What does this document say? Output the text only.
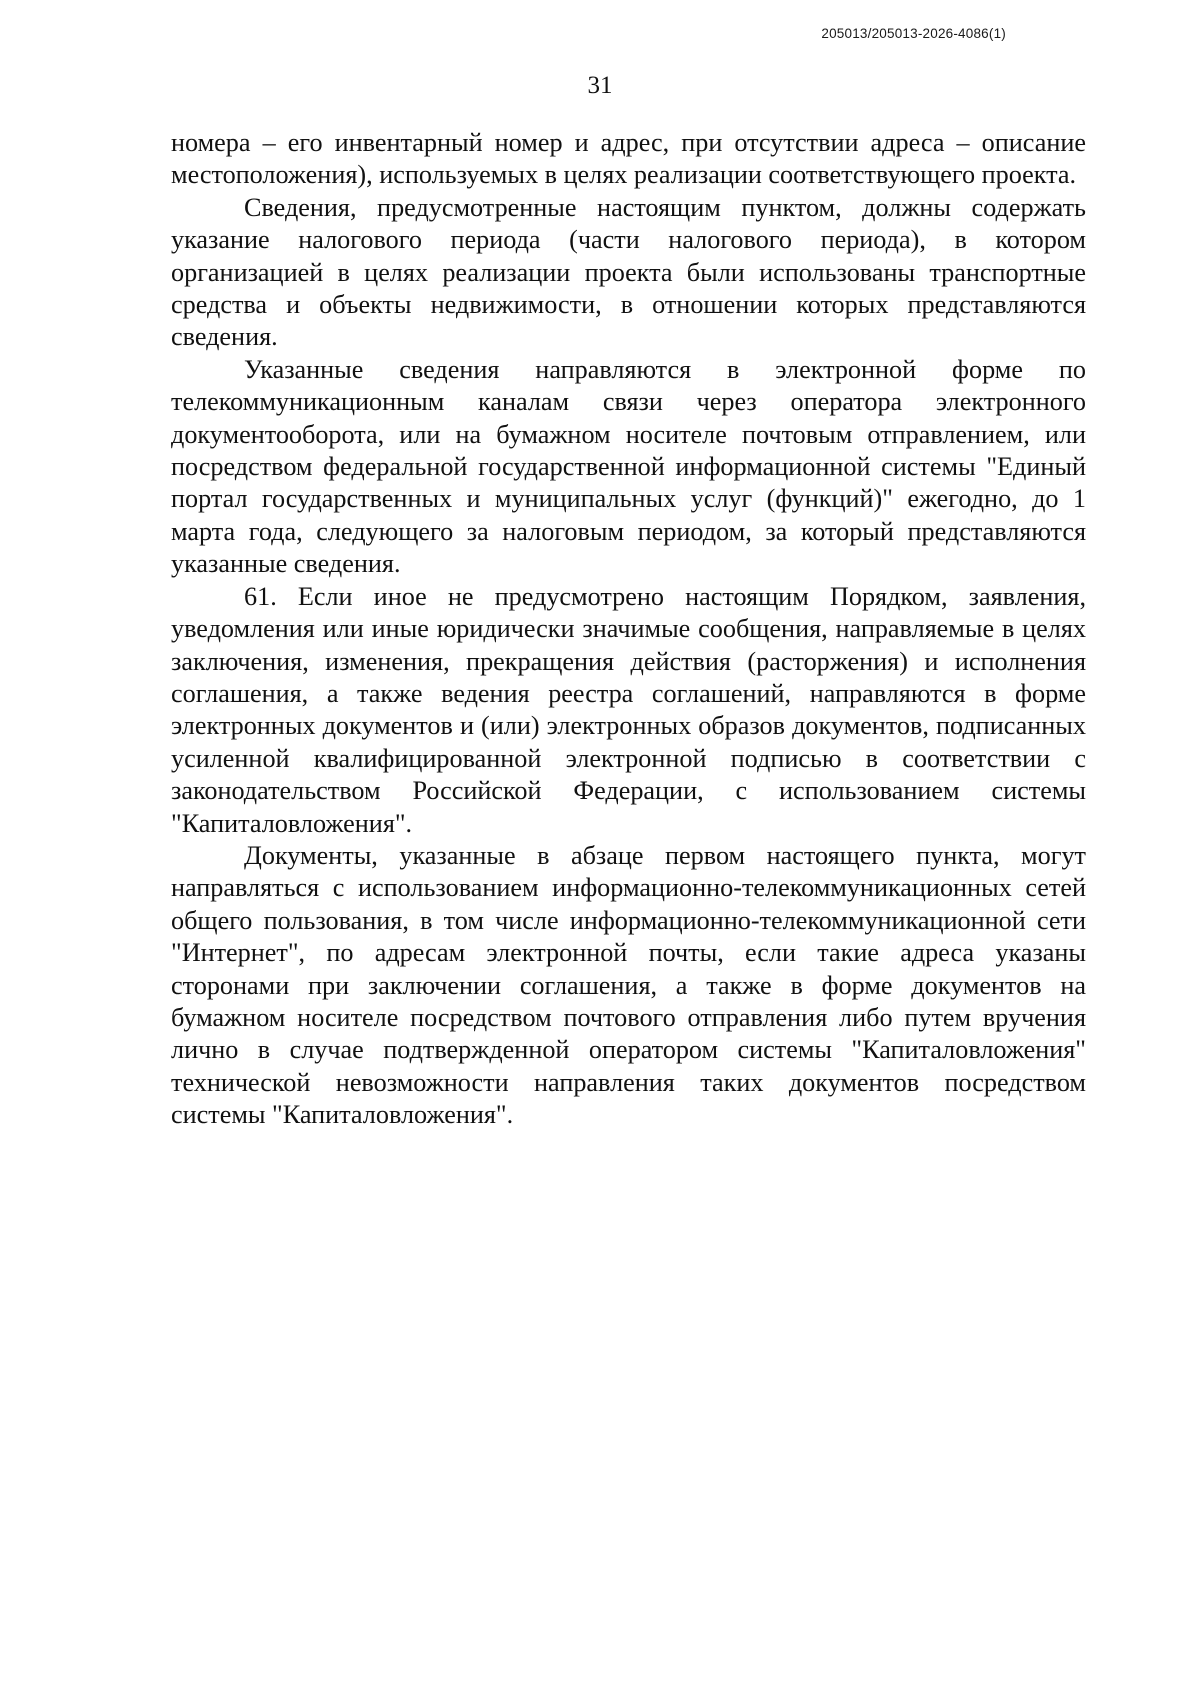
205013/205013-2026-4086(1)
31

номера – его инвентарный номер и адрес, при отсутствии адреса – описание местоположения), используемых в целях реализации соответствующего проекта.

Сведения, предусмотренные настоящим пунктом, должны содержать указание налогового периода (части налогового периода), в котором организацией в целях реализации проекта были использованы транспортные средства и объекты недвижимости, в отношении которых представляются сведения.

Указанные сведения направляются в электронной форме по телекоммуникационным каналам связи через оператора электронного документооборота, или на бумажном носителе почтовым отправлением, или посредством федеральной государственной информационной системы "Единый портал государственных и муниципальных услуг (функций)" ежегодно, до 1 марта года, следующего за налоговым периодом, за который представляются указанные сведения.

61. Если иное не предусмотрено настоящим Порядком, заявления, уведомления или иные юридически значимые сообщения, направляемые в целях заключения, изменения, прекращения действия (расторжения) и исполнения соглашения, а также ведения реестра соглашений, направляются в форме электронных документов и (или) электронных образов документов, подписанных усиленной квалифицированной электронной подписью в соответствии с законодательством Российской Федерации, с использованием системы "Капиталовложения".

Документы, указанные в абзаце первом настоящего пункта, могут направляться с использованием информационно-телекоммуникационных сетей общего пользования, в том числе информационно-телекоммуникационной сети "Интернет", по адресам электронной почты, если такие адреса указаны сторонами при заключении соглашения, а также в форме документов на бумажном носителе посредством почтового отправления либо путем вручения лично в случае подтвержденной оператором системы "Капиталовложения" технической невозможности направления таких документов посредством системы "Капиталовложения".
